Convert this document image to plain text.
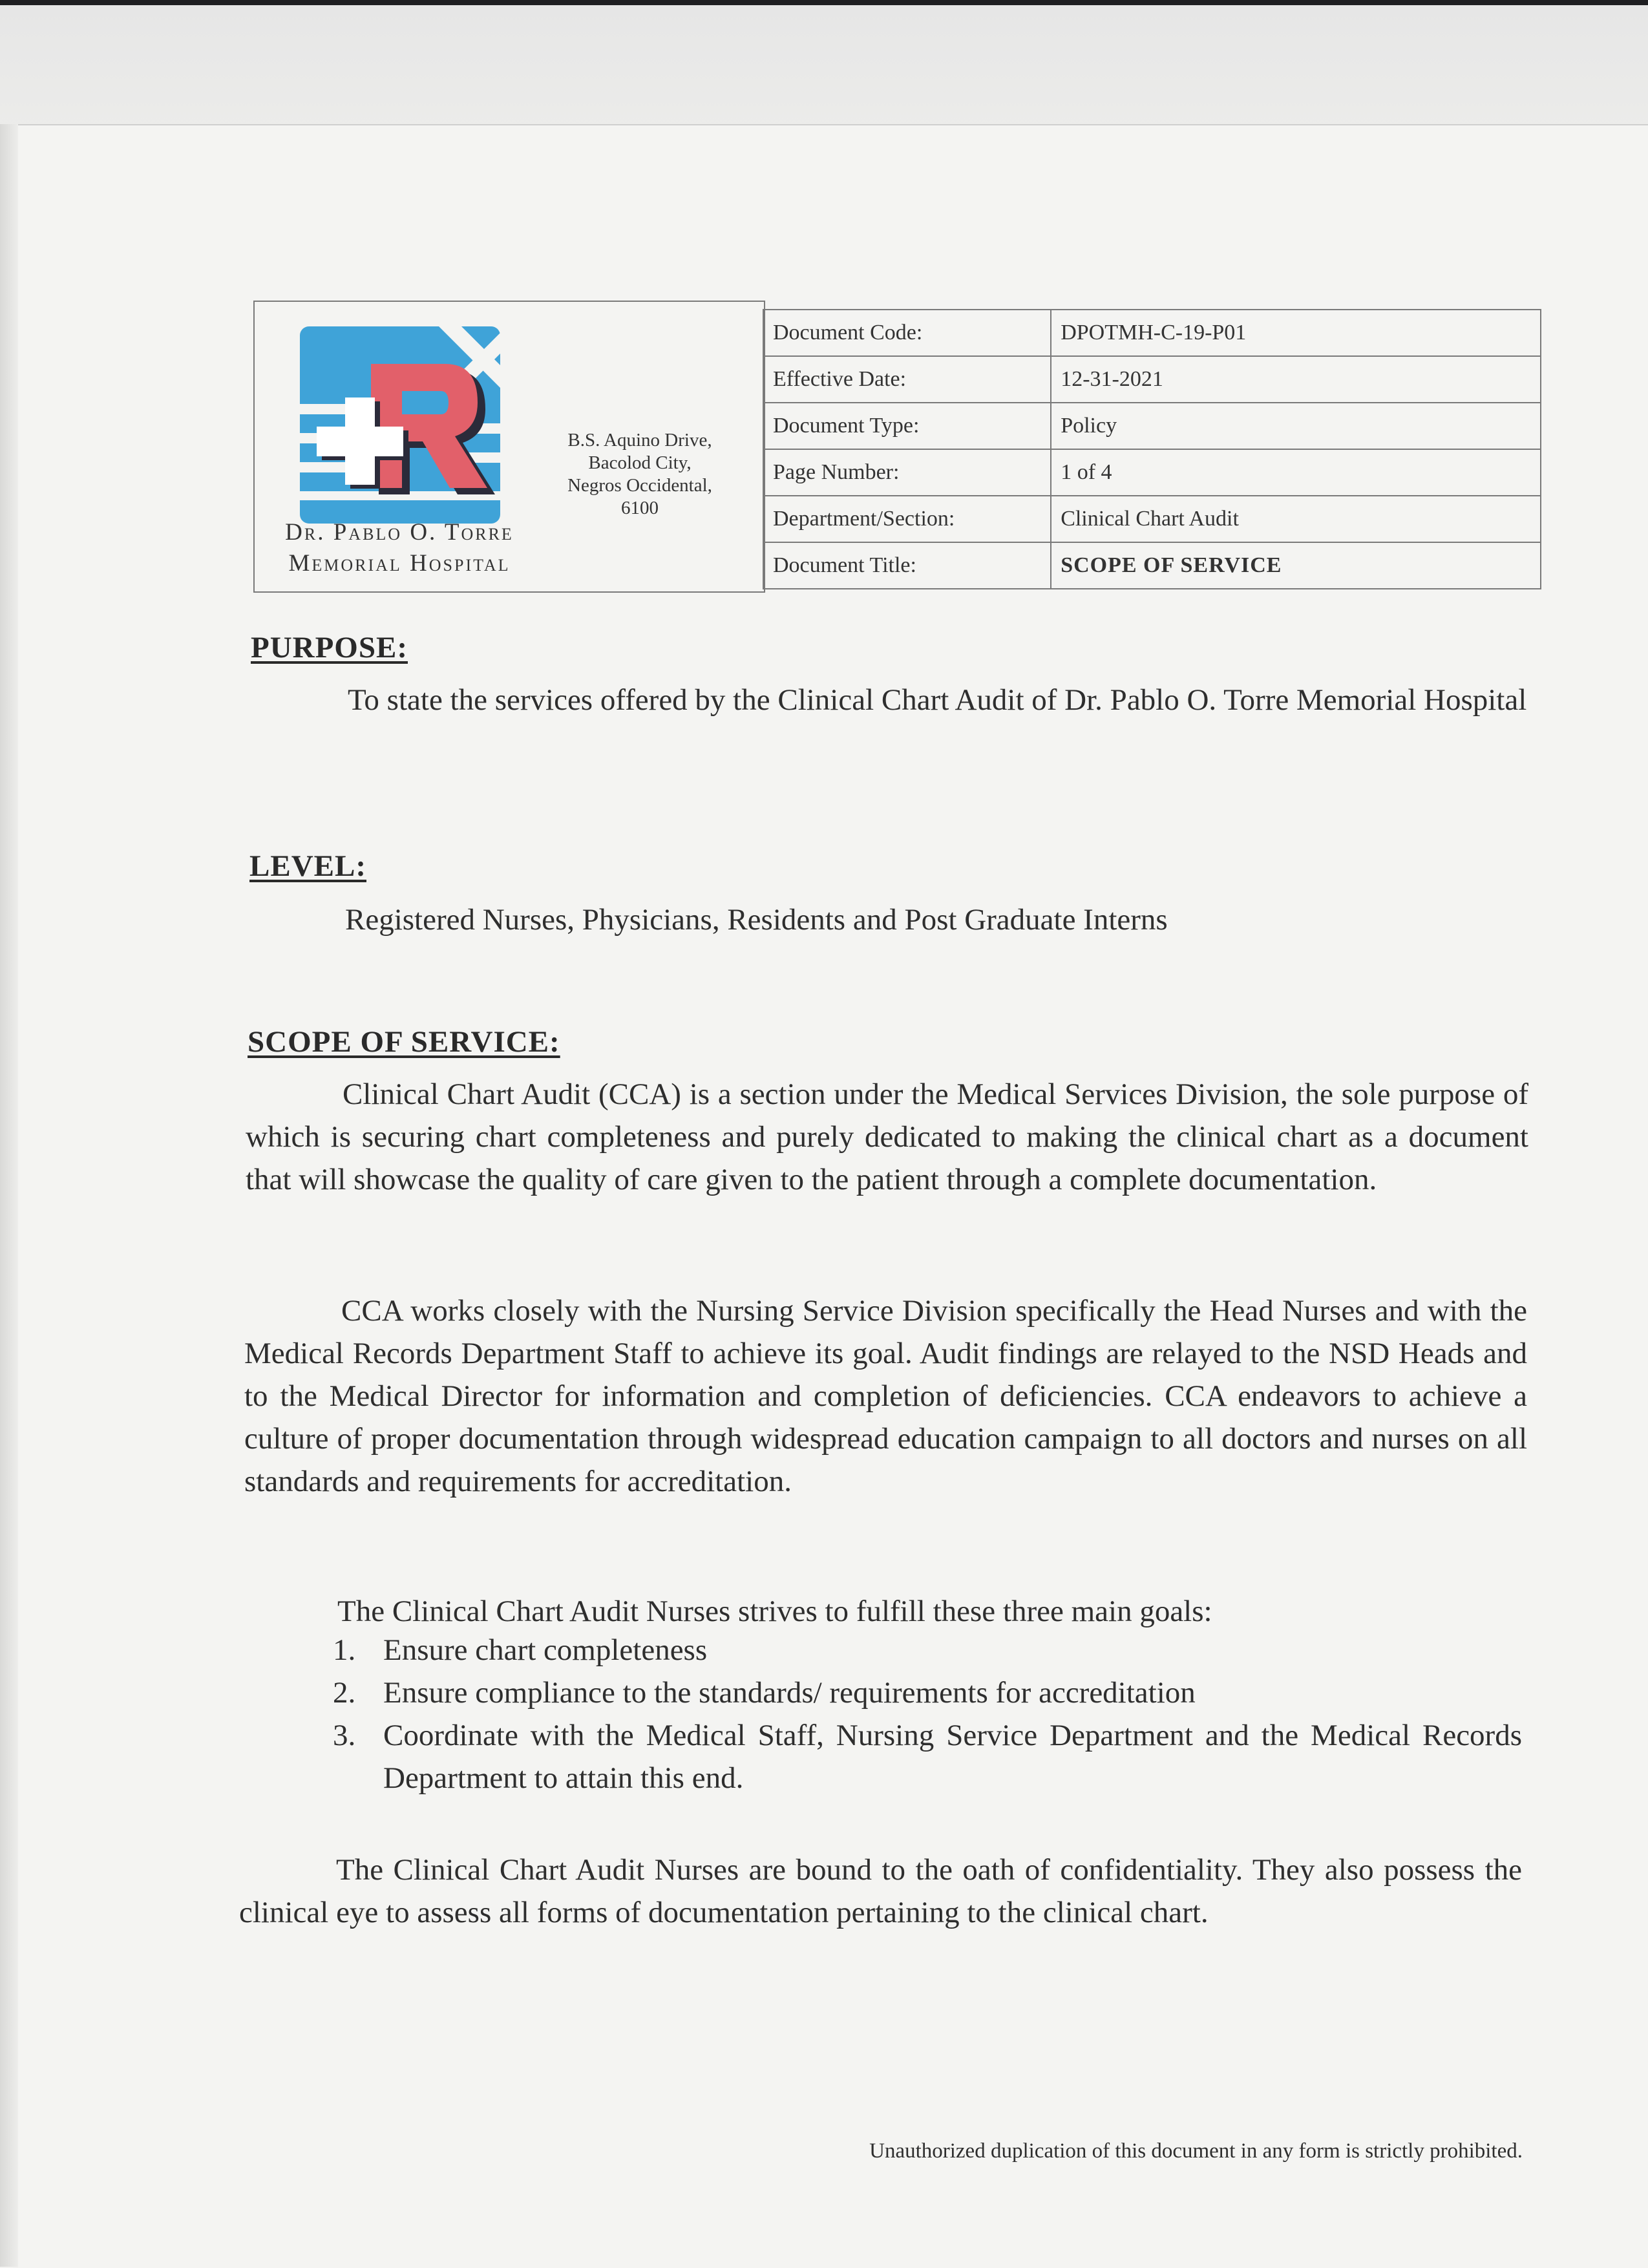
Dr. Pablo O. Torre
Memorial Hospital
B.S. Aquino Drive,
Bacolod City,
Negros Occidental,
6100
Document Code:	DPOTMH-C-19-P01
Effective Date:	12-31-2021
Document Type:	Policy
Page Number:	1 of 4
Department/Section:	Clinical Chart Audit
Document Title:	SCOPE OF SERVICE
PURPOSE:
To state the services offered by the Clinical Chart Audit of Dr. Pablo O. Torre Memorial Hospital
LEVEL:
Registered Nurses, Physicians, Residents and Post Graduate Interns
SCOPE OF SERVICE:
Clinical Chart Audit (CCA) is a section under the Medical Services Division, the sole purpose of which is securing chart completeness and purely dedicated to making the clinical chart as a document that will showcase the quality of care given to the patient through a complete documentation.
CCA works closely with the Nursing Service Division specifically the Head Nurses and with the Medical Records Department Staff to achieve its goal. Audit findings are relayed to the NSD Heads and to the Medical Director for information and completion of deficiencies. CCA endeavors to achieve a culture of proper documentation through widespread education campaign to all doctors and nurses on all standards and requirements for accreditation.
The Clinical Chart Audit Nurses strives to fulfill these three main goals:
1. Ensure chart completeness
2. Ensure compliance to the standards/ requirements for accreditation
3. Coordinate with the Medical Staff, Nursing Service Department and the Medical Records Department to attain this end.
The Clinical Chart Audit Nurses are bound to the oath of confidentiality. They also possess the clinical eye to assess all forms of documentation pertaining to the clinical chart.
Unauthorized duplication of this document in any form is strictly prohibited.
